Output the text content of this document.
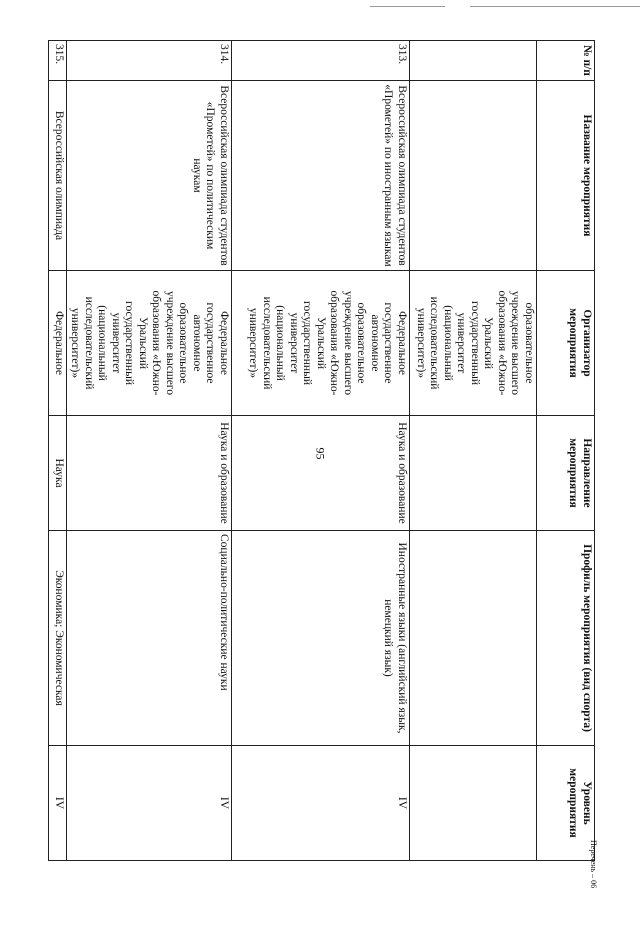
95
№ п/п	Название мероприятия	Организатор мероприятия	Направление мероприятия	Профиль мероприятия (вид спорта)	Уровень мероприятия
		образовательное учреждение высшего образования «Южно-Уральский государственный университет (национальный исследовательский университет)»			
313.	Всероссийская олимпиада студентов «Прометей» по иностранным языкам	Федеральное государственное автономное образовательное учреждение высшего образования «Южно-Уральский государственный университет (национальный исследовательский университет)»	Наука и образование	Иностранные языки (английский язык, немецкий язык)	IV
314.	Всероссийская олимпиада студентов «Прометей» по политическим наукам	Федеральное государственное автономное образовательное учреждение высшего образования «Южно-Уральский государственный университет (национальный исследовательский университет)»	Наука и образование	Социально-политические науки	IV
315.	Всероссийская олимпиада	Федеральное	Наука	Экономика; Экономическая	IV
Перечень – 06
